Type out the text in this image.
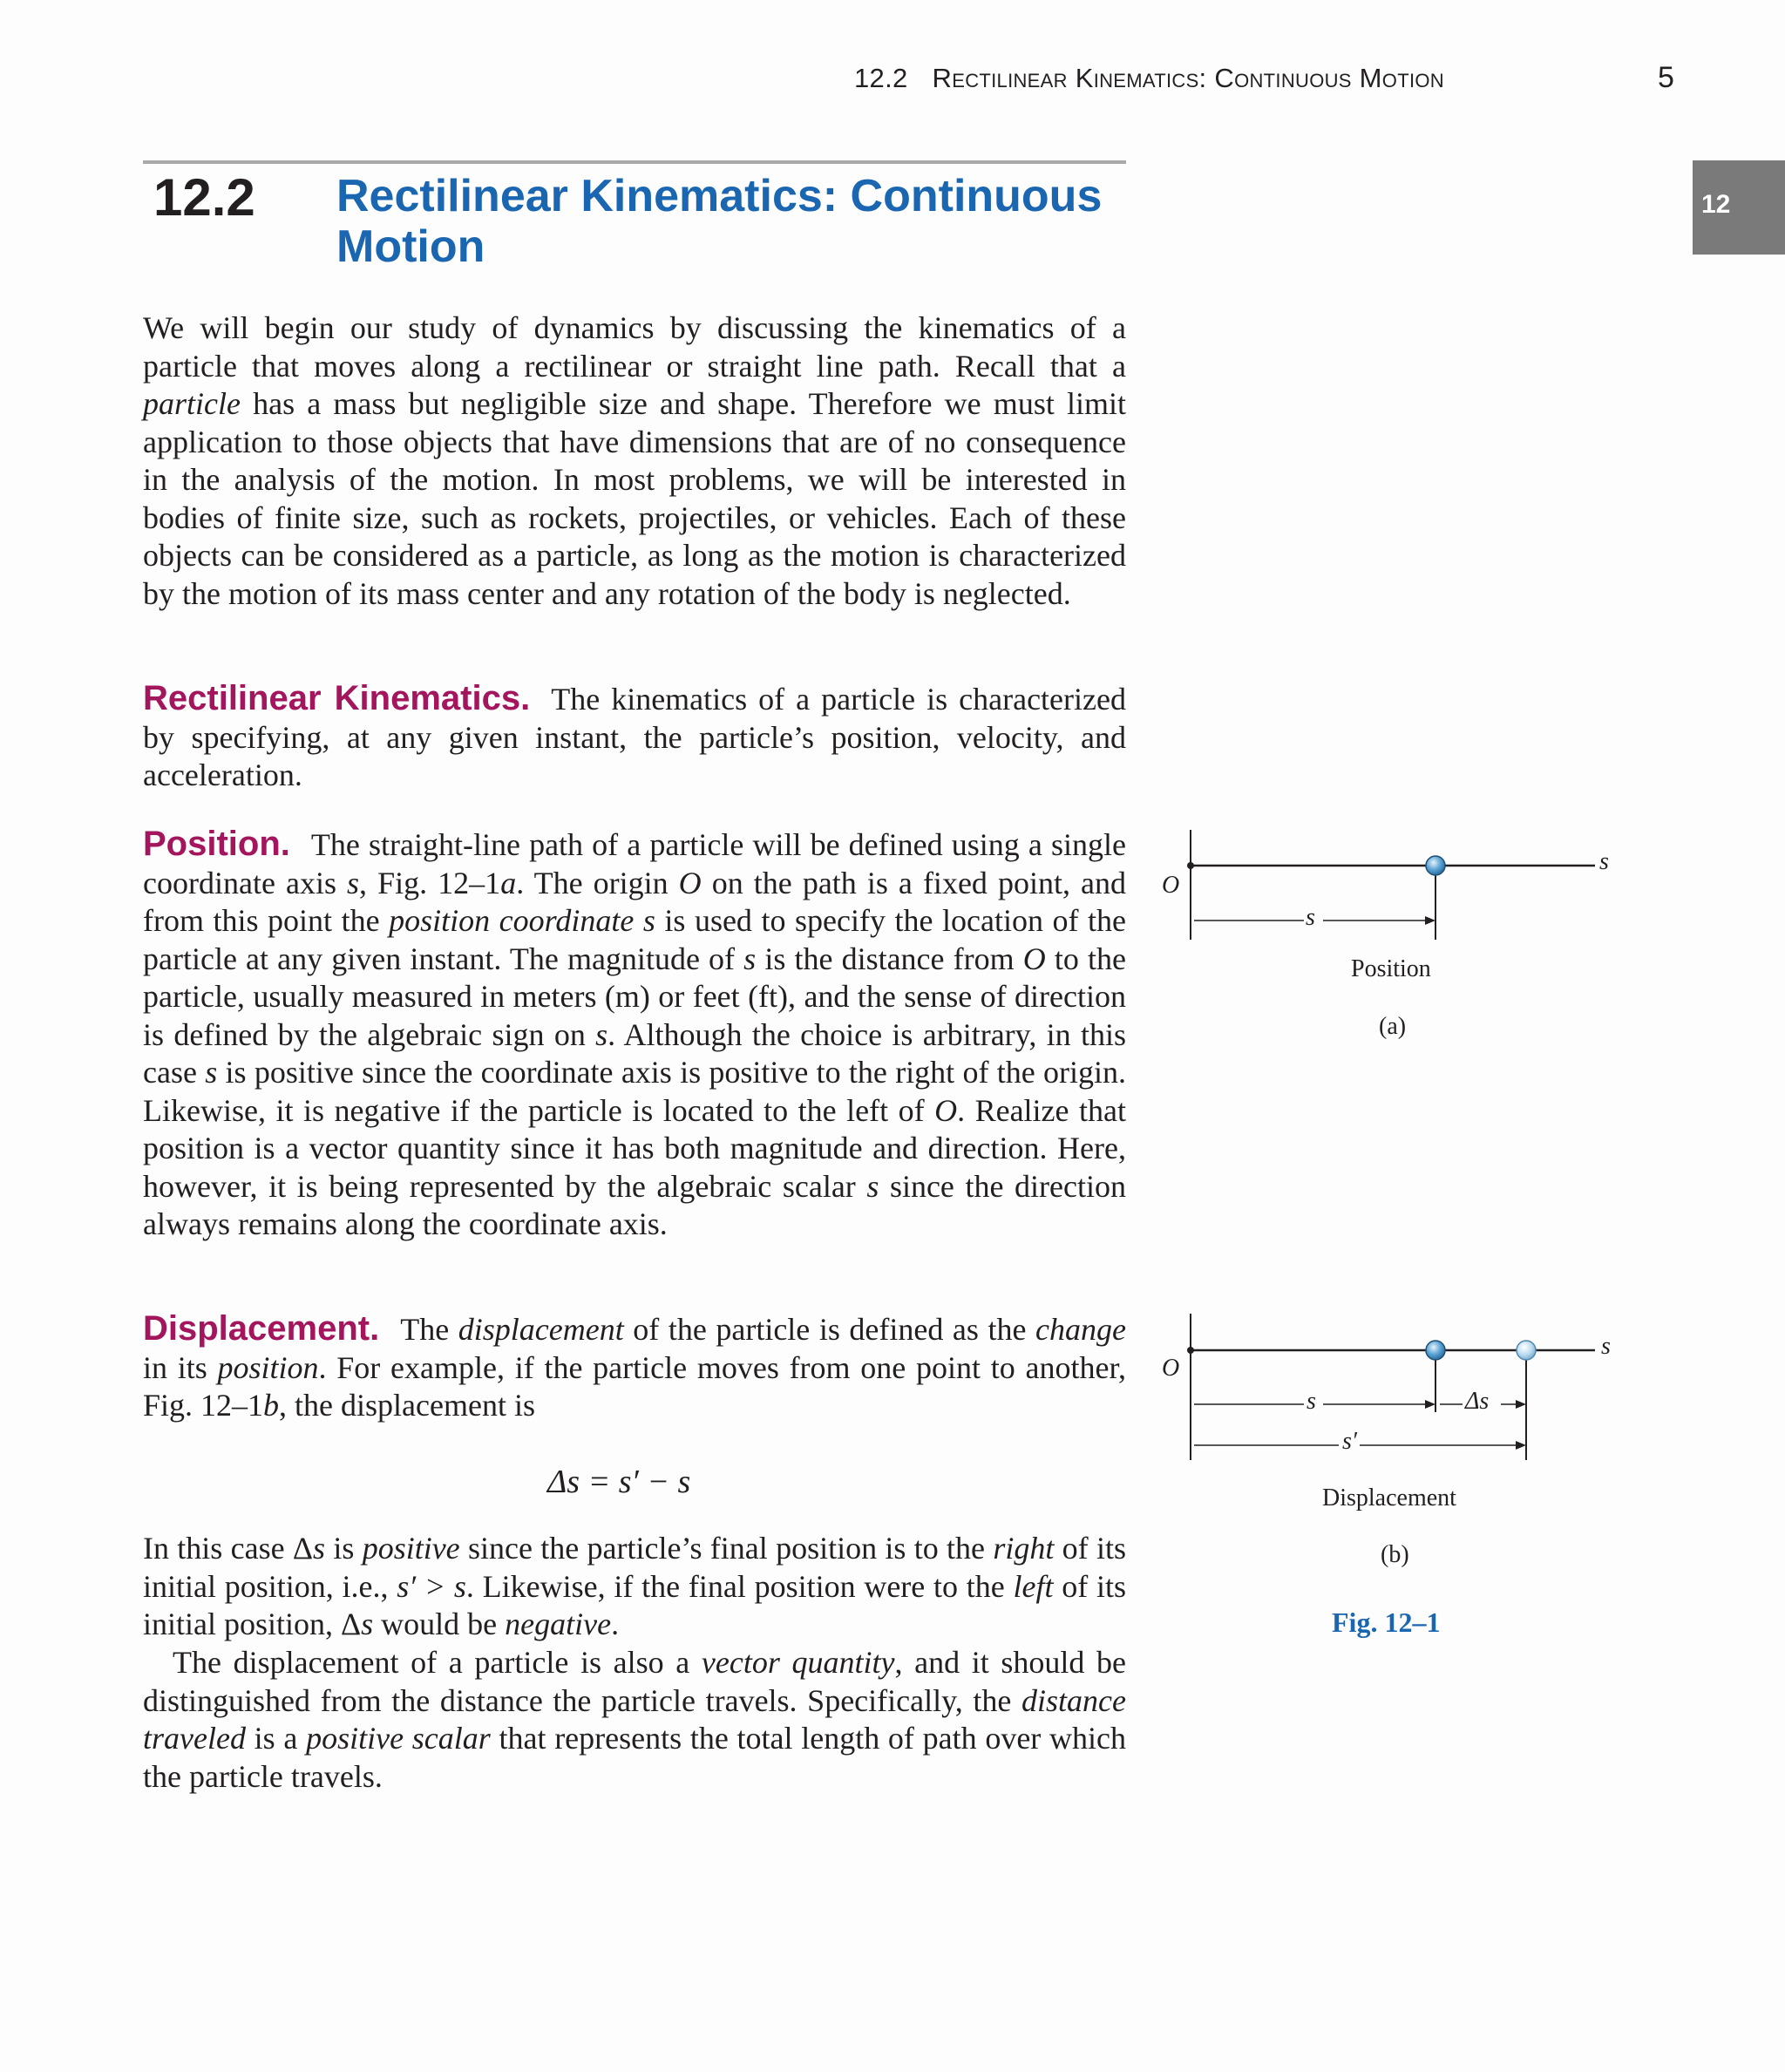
12.2 Rectilinear Kinematics: Continuous Motion	5
12
12.2 Rectilinear Kinematics: Continuous Motion

We will begin our study of dynamics by discussing the kinematics of a particle that moves along a rectilinear or straight line path. Recall that a particle has a mass but negligible size and shape. Therefore we must limit application to those objects that have dimensions that are of no consequence in the analysis of the motion. In most problems, we will be interested in bodies of finite size, such as rockets, projectiles, or vehicles. Each of these objects can be considered as a particle, as long as the motion is characterized by the motion of its mass center and any rotation of the body is neglected.

Rectilinear Kinematics. The kinematics of a particle is characterized by specifying, at any given instant, the particle’s position, velocity, and acceleration.

Position. The straight-line path of a particle will be defined using a single coordinate axis s, Fig. 12–1a. The origin O on the path is a fixed point, and from this point the position coordinate s is used to specify the location of the particle at any given instant. The magnitude of s is the distance from O to the particle, usually measured in meters (m) or feet (ft), and the sense of direction is defined by the algebraic sign on s. Although the choice is arbitrary, in this case s is positive since the coordinate axis is positive to the right of the origin. Likewise, it is negative if the particle is located to the left of O. Realize that position is a vector quantity since it has both magnitude and direction. Here, however, it is being represented by the algebraic scalar s since the direction always remains along the coordinate axis.

Displacement. The displacement of the particle is defined as the change in its position. For example, if the particle moves from one point to another, Fig. 12–1b, the displacement is

Δs = s′ − s

In this case Δs is positive since the particle’s final position is to the right of its initial position, i.e., s′ > s. Likewise, if the final position were to the left of its initial position, Δs would be negative.

The displacement of a particle is also a vector quantity, and it should be distinguished from the distance the particle travels. Specifically, the distance traveled is a positive scalar that represents the total length of path over which the particle travels.

O
s
s
Position
(a)
O
s
s	Δs
s′
Displacement
(b)
Fig. 12–1
